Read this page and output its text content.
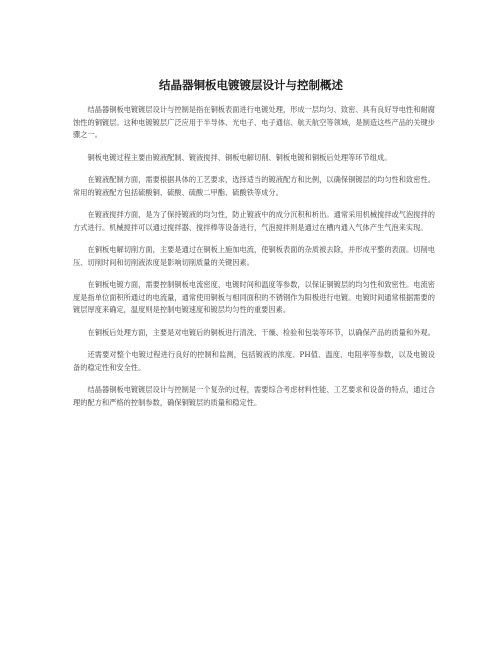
结晶器铜板电镀镀层设计与控制概述

结晶器铜板电镀镀层设计与控制是指在铜板表面进行电镀处理，形成一层均匀、致密、具有良好导电性和耐腐蚀性的铜镀层。这种电镀镀层广泛应用于半导体、光电子、电子通信、航天航空等领域，是制造这些产品的关键步骤之一。

铜板电镀过程主要由镀液配制、镀液搅拌、铜板电解切削、铜板电镀和铜板后处理等环节组成。

在镀液配制方面，需要根据具体的工艺要求，选择适当的镀液配方和比例，以确保铜镀层的均匀性和致密性。常用的镀液配方包括硫酸铜、硫酸、硫酸二甲酯、硫酸铁等成分。

在镀液搅拌方面，是为了保持镀液的均匀性，防止镀液中的成分沉积和析出。通常采用机械搅拌或气泡搅拌的方式进行。机械搅拌可以通过搅拌器、搅拌棒等设备进行，气泡搅拌则是通过在槽内通入气体产生气泡来实现。

在铜板电解切削方面，主要是通过在铜板上施加电流，使铜板表面的杂质被去除，并形成平整的表面。切削电压、切削时间和切削液浓度是影响切削质量的关键因素。

在铜板电镀方面，需要控制铜板电流密度、电镀时间和温度等参数，以保证铜镀层的均匀性和致密性。电流密度是指单位面积所通过的电流量，通常使用铜板与相同面积的不锈钢作为阳极进行电镀。电镀时间通常根据需要的镀层厚度来确定，温度则是控制电镀速度和镀层均匀性的重要因素。

在铜板后处理方面，主要是对电镀后的铜板进行清洗、干燥、检验和包装等环节，以确保产品的质量和外观。

还需要对整个电镀过程进行良好的控制和监测，包括镀液的浓度、PH值、温度、电阻率等参数，以及电镀设备的稳定性和安全性。

结晶器铜板电镀镀层设计与控制是一个复杂的过程，需要综合考虑材料性能、工艺要求和设备的特点，通过合理的配方和严格的控制参数，确保铜镀层的质量和稳定性。
